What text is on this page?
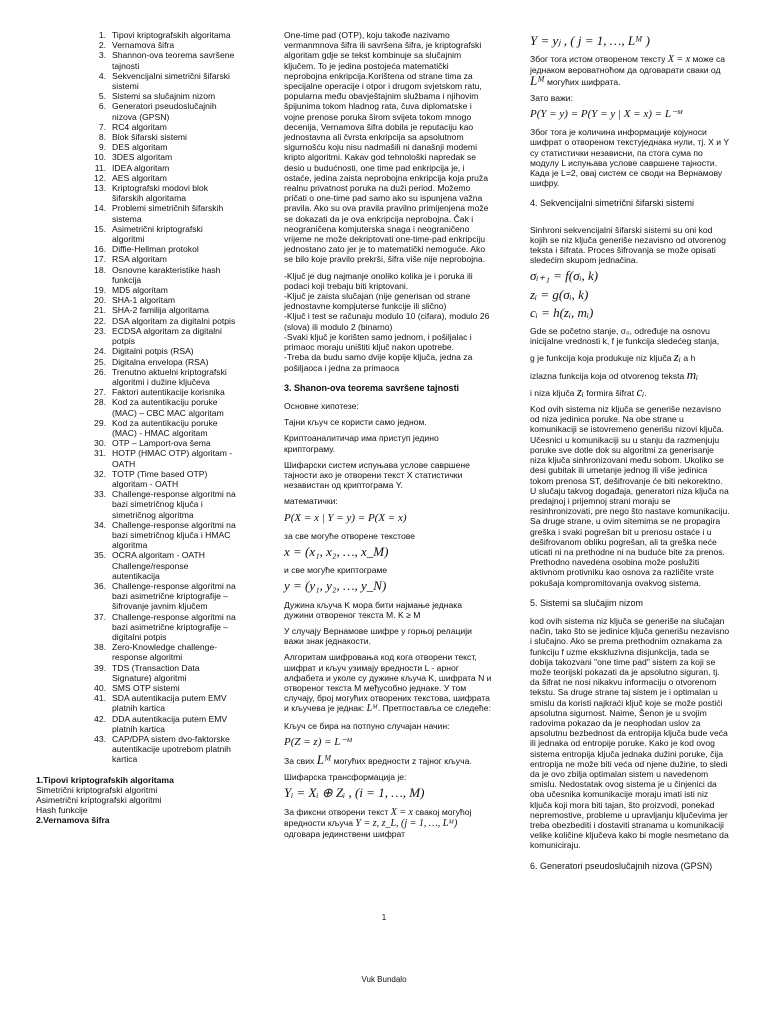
1. Tipovi kriptografskih algoritama
2. Vernamova šifra
3. Shannon-ova teorema savršene tajnosti
4. Sekvencijalni simetrični šifarski sistemi
5. Sistemi sa slučajnim nizom
6. Generatori pseudoslučajnih nizova (GPSN)
7. RC4 algoritam
8. Blok šifarski sistemi
9. DES algoritam
10. 3DES algoritam
11. IDEA algoritam
12. AES algoritam
13. Kriptografski modovi blok šifarskih algoritama
14. Problemi simetričnih šifarskih sistema
15. Asimetrični kriptografski algoritmi
16. Diffie-Hellman protokol
17. RSA algoritam
18. Osnovne karakteristike hash funkcija
19. MD5 algoritam
20. SHA-1 algoritam
21. SHA-2 familija algoritama
22. DSA algoritam za digitalni potpis
23. ECDSA algoritam za digitalni potpis
24. Digitalni potpis (RSA)
25. Digitalna envelopa (RSA)
26. Trenutno aktuelni kriptografski algoritmi i dužine ključeva
27. Faktori autentikacije korisnika
28. Kod za autentikaciju poruke (MAC) – CBC MAC algoritam
29. Kod za autentikaciju poruke (MAC) - HMAC algoritam
30. OTP – Lamport-ova šema
31. HOTP (HMAC OTP) algoritam - OATH
32. TOTP (Time based OTP) algoritam - OATH
33. Challenge-response algoritmi na bazi simetričnog ključa i simetričnog algoritma
34. Challenge-response algoritmi na bazi simetričnog ključa i HMAC algoritma
35. OCRA algoritam - OATH Challenge/response autentikacija
36. Challenge-response algoritmi na bazi asimetrične kriptografije – šifrovanje javnim ključem
37. Challenge-response algoritmi na bazi asimetrične kriptografije – digitalni potpis
38. Zero-Knowledge challenge-response algoritmi
39. TDS (Transaction Data Signature) algoritmi
40. SMS OTP sistemi
41. SDA autentikacija putem EMV platnih kartica
42. DDA autentikacija putem EMV platnih kartica
43. CAP/DPA sistem dvo-faktorske autentikacije upotrebom platnih kartica
1.Tipovi kriptografskih algoritama
Simetrični kriptografski algoritmi
Asimetrični kriptografski algoritmi
Hash funkcije
2.Vernamova šifra

One-time pad (OTP), koju takođe nazivamo vermanmnova šifra ili savršena šifra, je kriptografski algoritam gdje se tekst kombinuje sa slučajnim ključem. To je jedina postojeća matematički neprobojna enkripcija.Korištena od strane tima za specijalne operacije i otpor i drugom svjetskom ratu, popularna među obavještajnim službama i njihovim špijunima tokom hladnog rata, čuva diplomatske i vojne prenose poruka širom svijeta tokom mnogo decenija, Vernamova šifra dobila je reputaciju kao jednostavna ali čvrsta enkripcija sa apsolutnom sigurnošću koju nisu nadmašili ni današnji modemi kripto algoritmi. Kakav god tehnološki napredak se desio u budućnosti, one time pad enkripcija je, i ostaće, jedina zaista neprobojna enkripcija koja pruža realnu privatnost poruka na duži period. Možemo pričati o one-time pad samo ako su ispunjena važna pravila. Ako su ova pravila pravilno primijenjena može se dokazati da je ova enkripcija neprobojna. Čak i neograničena komjuterska snaga i neograničeno vrijeme ne može dekriptovati one-time-pad enkripciju jednostano zato jer je to matematički nemoguće. Ako se bilo koje pravilo prekrši, šifra više nije neprobojna.

-Ključ je dug najmanje onoliko kolika je i poruka ili podaci koji trebaju biti kriptovani.
-Ključ je zaista slučajan (nije generisan od strane jednostavne kompjuterse funkcije ili slično)
-Ključ i test se računaju modulo 10 (cifara), modulo 26 (slova) ili modulo 2 (binarno)
-Svaki ključ je korišten samo jednom, i pošiljalac i primaoc moraju uništiti ključ nakon upotrebe.
-Treba da budu samo dvije kopije ključa, jedna za pošiljaoca i jedna za primaoca
3. Shanon-ova teorema savršene tajnosti

Основне хипотезе:

Тајни кључ се користи само једном.

Криптоаналитичар има приступ једино криптограму.

Шифарски систем испуњава услове савршене тајности ако је отворени текст X статистички независтан од криптограма Y.

математички:
P(X = x | Y = y) = P(X = x)
за све могуће отворене текстове
x = (x₁, x₂, …, x_M)
и све могуће криптограме
y = (y₁, y₂, …, y_N)

Дужина кључа K мора бити најмање једнака дужини отвореног текста M. K ≥ M

У случају Вернамове шифре у горњој релацији важи знак једнакости.

Алгоритам шифровања код кога отворени текст, шифрат и кључ узимају вредности L - арног алфабета и уколе су дужине кључа K, шифрата N и отвореног текста M међусобно једнаке. У том случају, број могућих отворених текстова, шифрата и кључева је једнак: Lᴹ. Претпоставља се следеће:

Кључ се бира на потпуно случајан начин:
P(Z = z) = L⁻ᴹ

За свих Lᴹ могућих вредности z тајног кључа.

Шифарска трансформација је:
Yᵢ = Xᵢ ⊕ Zᵢ , (i = 1, …, M)

За фиксни отворени текст X = x свакој могућој вредности кључа Y = z, z_L, (j = 1, …, Lᴹ) одговара јединствени шифрат

Y = yⱼ , ( j = 1, …, Lᴹ )

Због тога истом отвореном тексту X = x може са једнаком вероватноћом да одговарати сваки од
Lᴹ могућих шифрата.

Зато важи:
P(Y = y) = P(Y = y | X = x) = L⁻ᴹ

Због тога је количина информације којуноси шифрат о отвореном текстуједнака нули, тј. X и Y су статистички независни, па стога сума по модулу L испуњава услове савршене тајности. Када је L=2, овај систем се своди на Вернамову шифру.

4. Sekvencijalni simetrični šifarski sistemi

Sinhroni sekvencijalni šifarski sistemi su oni kod kojih se niz ključa generiše nezavisno od otvorenog teksta i šifrata. Proces šifrovanja se može opisati sledećim skupom jednačina.

σᵢ₊₁ = f(σᵢ, k)
zᵢ = g(σᵢ, k)
cᵢ = h(zᵢ, mᵢ)

Gde se početno stanje, σ₀, određuje na osnovu inicijalne vrednosti k, f je funkcija sledećeg stanja,

g je funkcija koja produkuje niz ključa zᵢ a h

izlazna funkcija koja od otvorenog teksta mᵢ

i niza ključa zᵢ formira šifrat cᵢ.

Kod ovih sistema niz ključa se generiše nezavisno od niza jedinica poruke. Na obe strane u komunikaciji se istovremeno generišu nizovi ključa. Učesnici u komunikaciji su u stanju da razmenjuju poruke sve dotle dok su algoritmi za generisanje niza ključa sinhronizovani među sobom. Ukoliko se desi gubitak ili umetanje jednog ili više jedinica tokom prenosa ST, dešifrovanje će biti nekorektno. U slučaju takvog događaja, generatori niza ključa na predajnoj i prijemnoj strani moraju se resinhronizovati, pre nego što nastave komunikaciju. Sa druge strane, u ovim sitemima se ne propagira greška i svaki pogrešan bit u prenosu ostaće i u dešifrovanom obliku pogrešan, ali ta greška neće uticati ni na prethodne ni na buduće bite za prenos. Prethodno navedena osobina može poslužiti aktivnom protivniku kao osnova za različite vrste pokušaja kompromitovanja ovakvog sistema.

5. Sistemi sa slučajim nizom

kod ovih sistema niz ključa se generiše na slučajan način, tako što se jedinice ključa generišu nezavisno i slučajno. Ako se prema prethodnim oznakama za funkciju f uzme ekskluzivna disjunkcija, tada se dobija takozvani "one time pad" sistem za koji se može teorijski pokazati da je apsolutno siguran, tj. da šifrat ne nosi nikakvu informaciju o otvorenom tekstu. Sa druge strane taj sistem je i optimalan u smislu da koristi najkraći ključ koje se može postići apsolutna sigurnost. Naime, Šenon je u svojim radovima pokazao da je neophodan uslov za apsolutnu bezbednost da entropija ključa bude veća ili jednaka od entropije poruke. Kako je kod ovog sistema entropija ključa jednaka dužini poruke, čija entropija ne može biti veća od njene dužine, to sledi da je ovo zbilja optimalan sistem u navedenom smislu. Nedostatak ovog sistema je u činjenici da oba učesnika komunikacije moraju imati isti niz ključa koji mora biti tajan, što proizvodi, ponekad nepremostive, probleme u upravljanju ključevima jer treba obezbediti i dostaviti stranama u komunikaciji velike količine ključeva kako bi mogle nesmetano da komuniciraju.

6. Generatori pseudoslučajnih nizova (GPSN)
1
Vuk Bundalo
